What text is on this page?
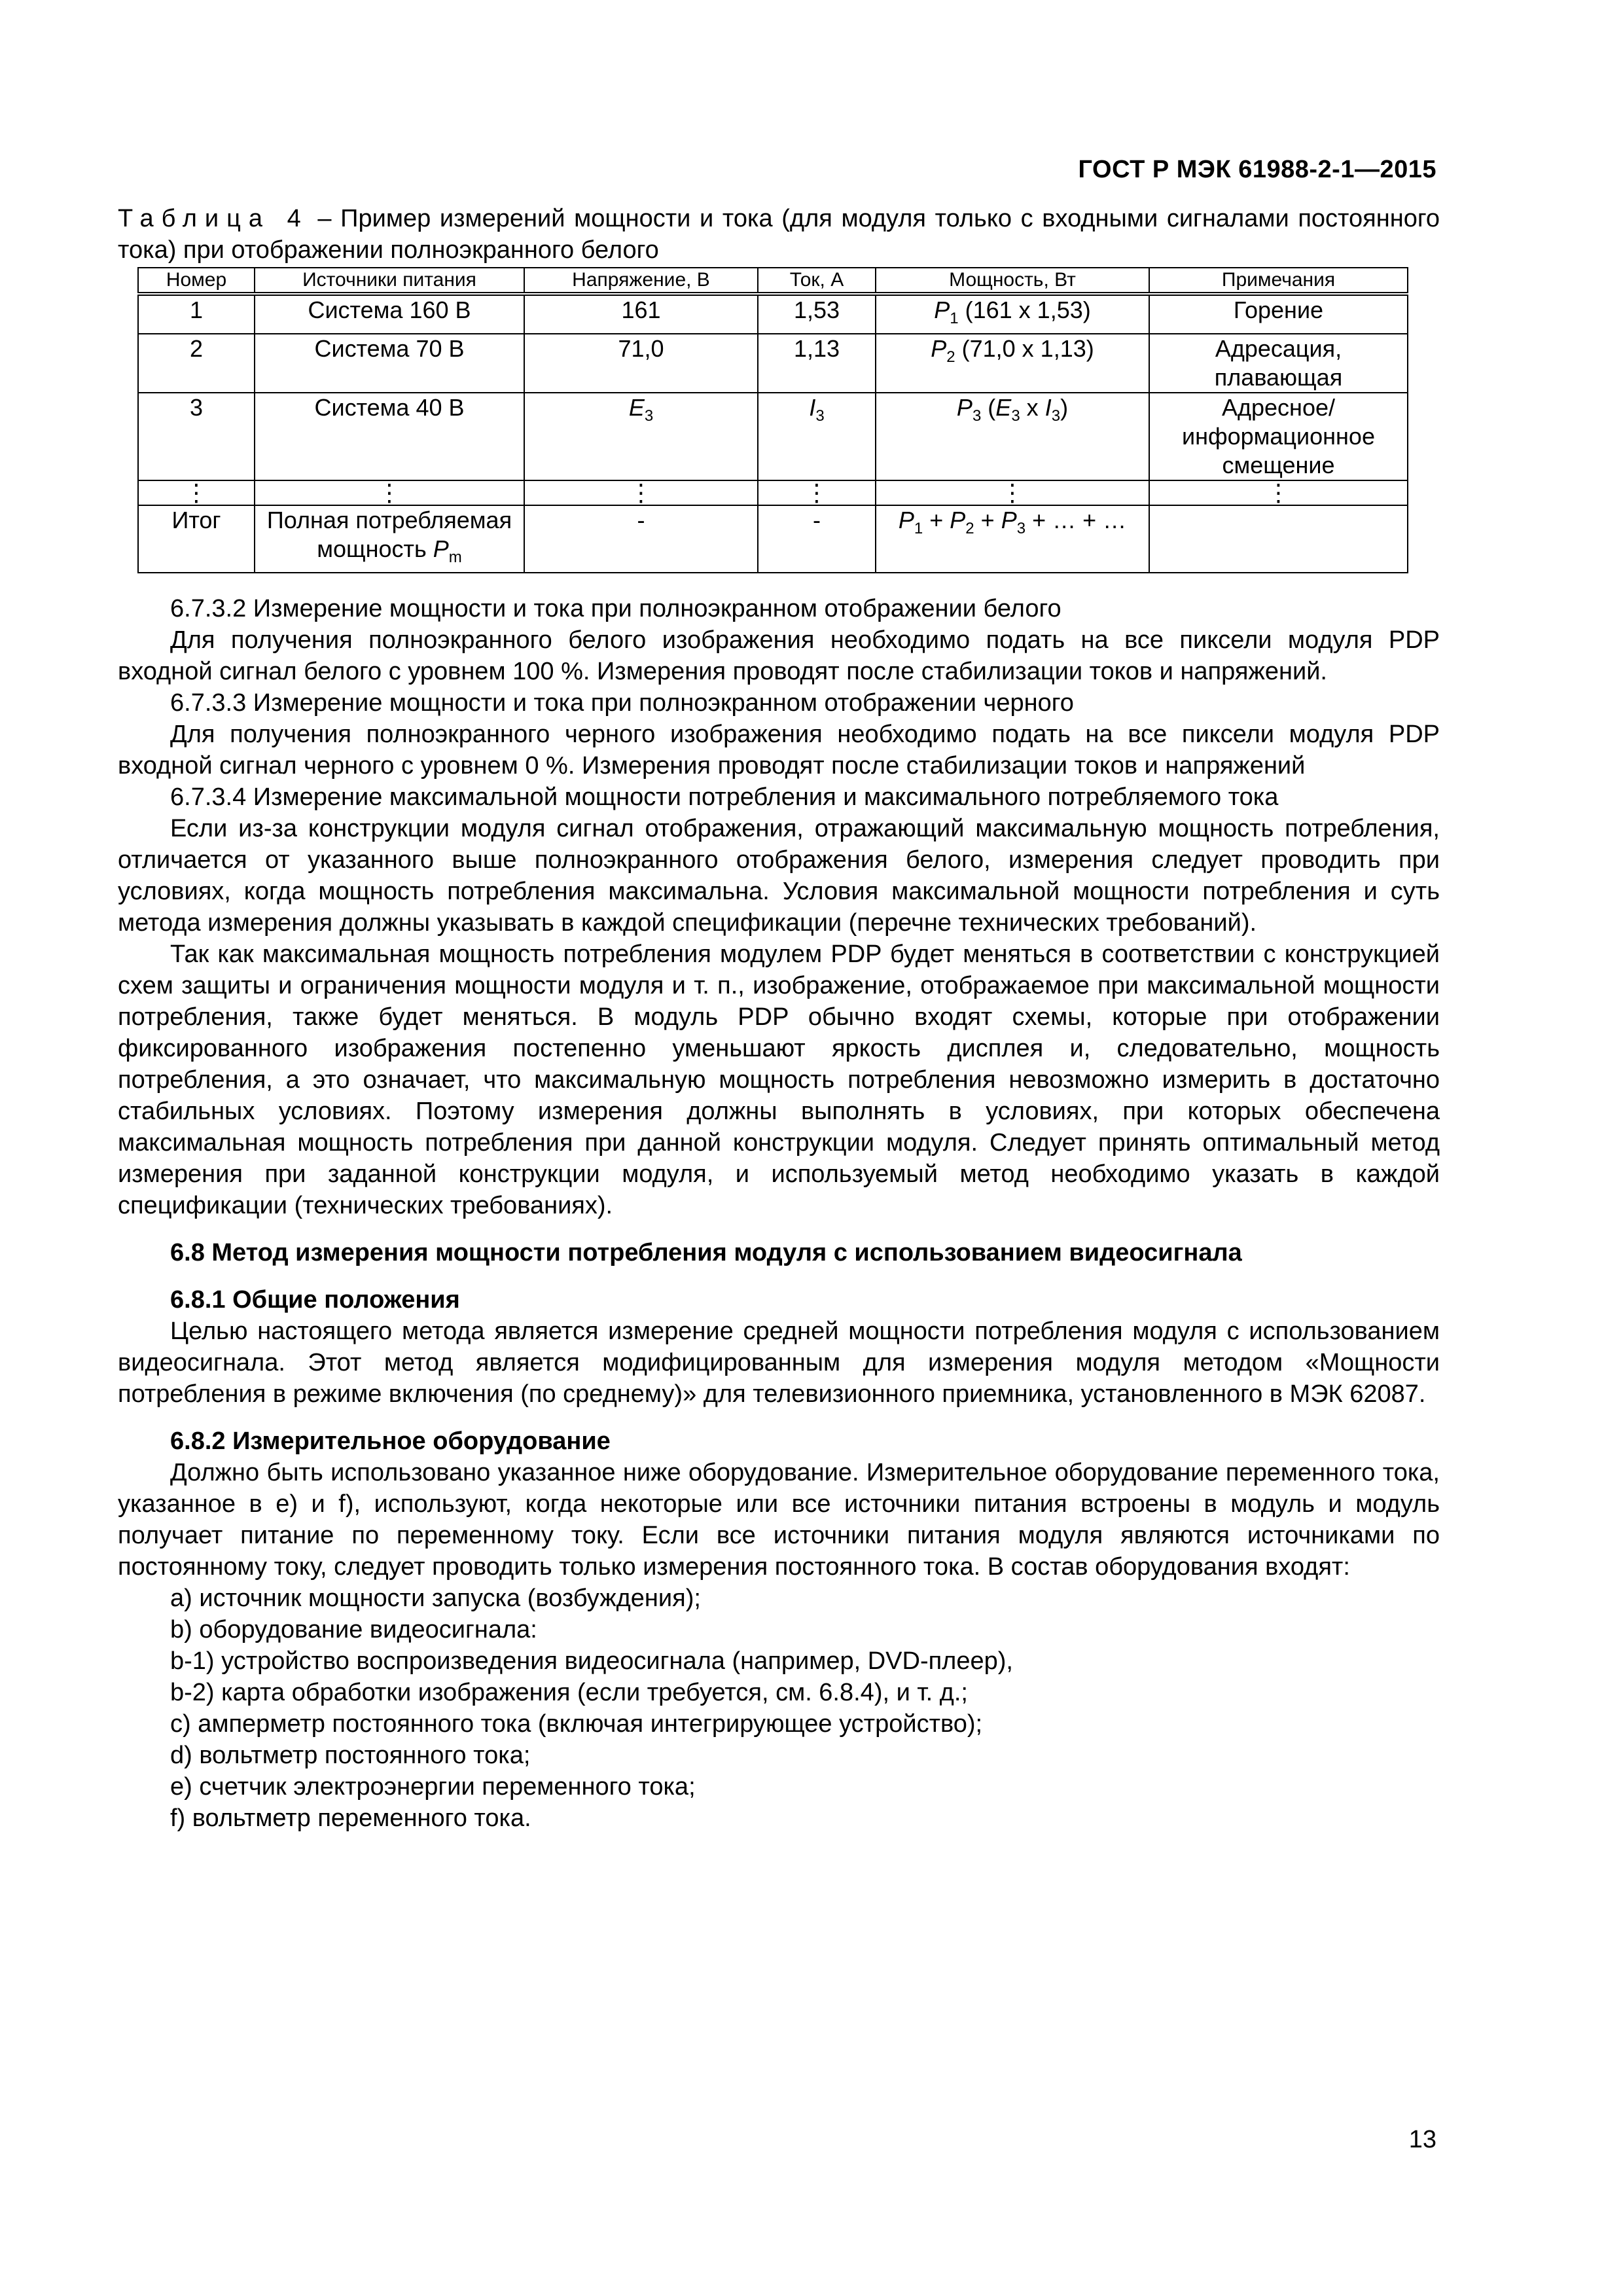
ГОСТ Р МЭК 61988-2-1—2015

Таблица 4 – Пример измерений мощности и тока (для модуля только с входными сигналами постоянного тока) при отображении полноэкранного белого

Номер	Источники питания	Напряжение, В	Ток, А	Мощность, Вт	Примечания
1	Система 160 В	161	1,53	$P_1$ (161 х 1,53)	Горение
2	Система 70 В	71,0	1,13	$P_2$ (71,0 х 1,13)	Адресация, плавающая
3	Система 40 В	$E_3$	$I_3$	$P_3$ ($E_3$ x $I_3$)	Адресное/ информационное смещение
⋮	⋮	⋮	⋮	⋮	⋮
Итог	Полная потребляемая мощность $P_m$	-	-	$P_1 + P_2 + P_3$ + … + …	

6.7.3.2 Измерение мощности и тока при полноэкранном отображении белого

Для получения полноэкранного белого изображения необходимо подать на все пиксели модуля PDP входной сигнал белого с уровнем 100 %. Измерения проводят после стабилизации токов и напряжений.

6.7.3.3 Измерение мощности и тока при полноэкранном отображении черного

Для получения полноэкранного черного изображения необходимо подать на все пиксели модуля PDP входной сигнал черного с уровнем 0 %. Измерения проводят после стабилизации токов и напряжений

6.7.3.4 Измерение максимальной мощности потребления и максимального потребляемого тока

Если из-за конструкции модуля сигнал отображения, отражающий максимальную мощность потребления, отличается от указанного выше полноэкранного отображения белого, измерения следует проводить при условиях, когда мощность потребления максимальна. Условия максимальной мощности потребления и суть метода измерения должны указывать в каждой спецификации (перечне технических требований).

Так как максимальная мощность потребления модулем PDP будет меняться в соответствии с конструкцией схем защиты и ограничения мощности модуля и т. п., изображение, отображаемое при максимальной мощности потребления, также будет меняться. В модуль PDP обычно входят схемы, которые при отображении фиксированного изображения постепенно уменьшают яркость дисплея и, следовательно, мощность потребления, а это означает, что максимальную мощность потребления невозможно измерить в достаточно стабильных условиях. Поэтому измерения должны выполнять в условиях, при которых обеспечена максимальная мощность потребления при данной конструкции модуля. Следует принять оптимальный метод измерения при заданной конструкции модуля, и используемый метод необходимо указать в каждой спецификации (технических требованиях).

6.8 Метод измерения мощности потребления модуля с использованием видеосигнала

6.8.1 Общие положения

Целью настоящего метода является измерение средней мощности потребления модуля с использованием видеосигнала. Этот метод является модифицированным для измерения модуля методом «Мощности потребления в режиме включения (по среднему)» для телевизионного приемника, установленного в МЭК 62087.

6.8.2 Измерительное оборудование

Должно быть использовано указанное ниже оборудование. Измерительное оборудование переменного тока, указанное в e) и f), используют, когда некоторые или все источники питания встроены в модуль и модуль получает питание по переменному току. Если все источники питания модуля являются источниками по постоянному току, следует проводить только измерения постоянного тока. В состав оборудования входят:

а) источник мощности запуска (возбуждения);

b) оборудование видеосигнала:

b-1) устройство воспроизведения видеосигнала (например, DVD-плеер),

b-2) карта обработки изображения (если требуется, см. 6.8.4), и т. д.;

c) амперметр постоянного тока (включая интегрирующее устройство);

d) вольтметр постоянного тока;

e) счетчик электроэнергии переменного тока;

f) вольтметр переменного тока.

13
